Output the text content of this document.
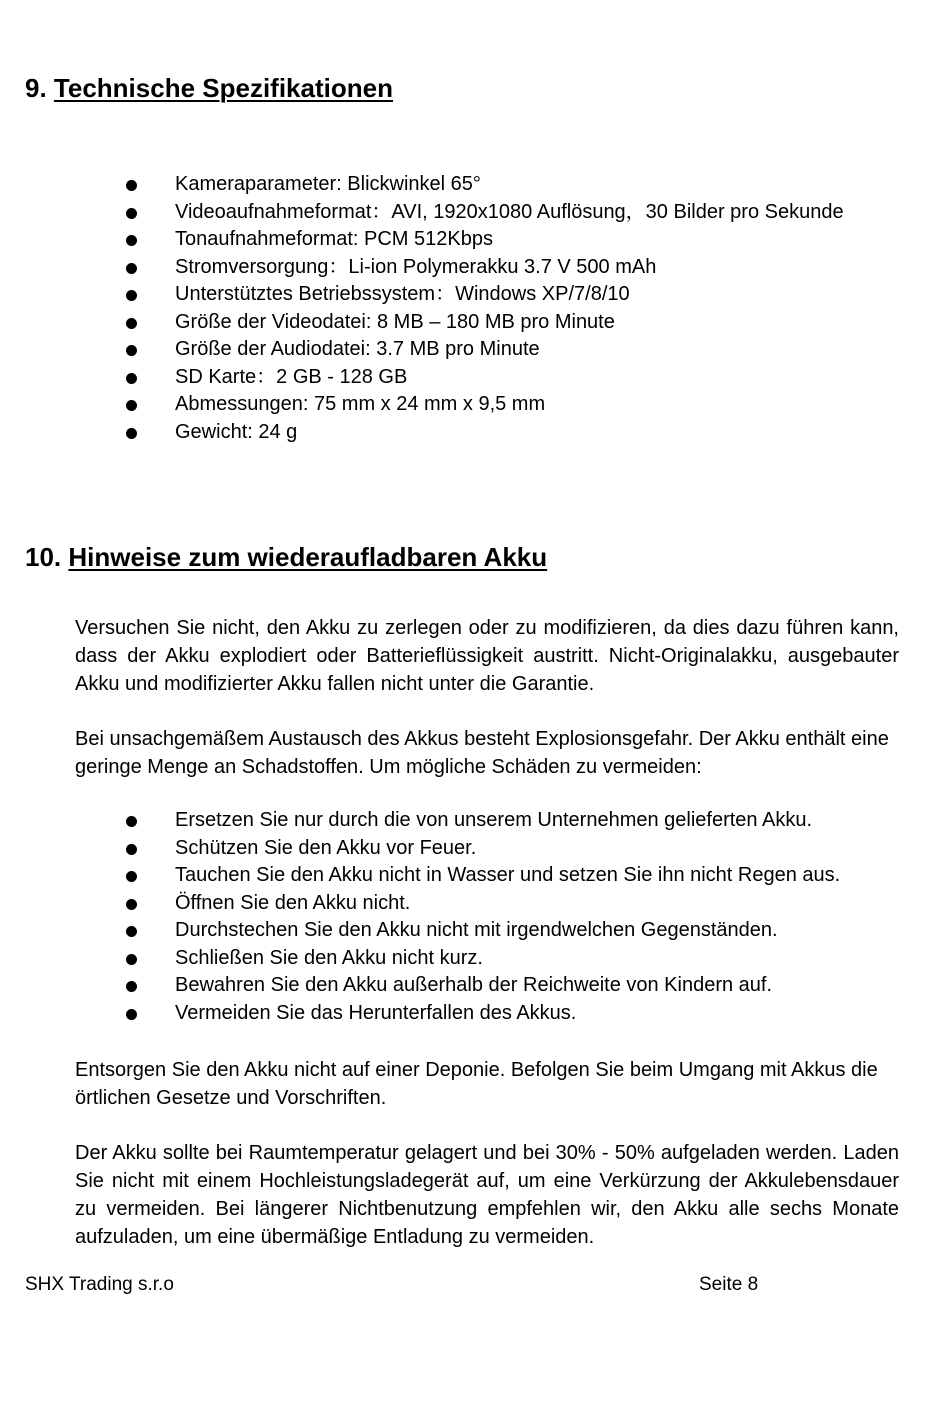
9. Technische Spezifikationen
Kameraparameter: Blickwinkel 65°
Videoaufnahmeformat：AVI, 1920x1080 Auflösung，30 Bilder pro Sekunde
Tonaufnahmeformat: PCM 512Kbps
Stromversorgung：Li-ion Polymerakku 3.7 V 500 mAh
Unterstütztes Betriebssystem：Windows XP/7/8/10
Größe der Videodatei: 8 MB – 180 MB pro Minute
Größe der Audiodatei: 3.7 MB pro Minute
SD Karte：2 GB - 128 GB
Abmessungen: 75 mm x 24 mm x 9,5 mm
Gewicht: 24 g
10. Hinweise zum wiederaufladbaren Akku

Versuchen Sie nicht, den Akku zu zerlegen oder zu modifizieren, da dies dazu führen kann, dass der Akku explodiert oder Batterieflüssigkeit austritt. Nicht-Originalakku, ausgebauter Akku und modifizierter Akku fallen nicht unter die Garantie.

Bei unsachgemäßem Austausch des Akkus besteht Explosionsgefahr. Der Akku enthält eine geringe Menge an Schadstoffen. Um mögliche Schäden zu vermeiden:

Ersetzen Sie nur durch die von unserem Unternehmen gelieferten Akku.
Schützen Sie den Akku vor Feuer.
Tauchen Sie den Akku nicht in Wasser und setzen Sie ihn nicht Regen aus.
Öffnen Sie den Akku nicht.
Durchstechen Sie den Akku nicht mit irgendwelchen Gegenständen.
Schließen Sie den Akku nicht kurz.
Bewahren Sie den Akku außerhalb der Reichweite von Kindern auf.
Vermeiden Sie das Herunterfallen des Akkus.

Entsorgen Sie den Akku nicht auf einer Deponie. Befolgen Sie beim Umgang mit Akkus die örtlichen Gesetze und Vorschriften.

Der Akku sollte bei Raumtemperatur gelagert und bei 30% - 50% aufgeladen werden. Laden Sie nicht mit einem Hochleistungsladegerät auf, um eine Verkürzung der Akkulebensdauer zu vermeiden. Bei längerer Nichtbenutzung empfehlen wir, den Akku alle sechs Monate aufzuladen, um eine übermäßige Entladung zu vermeiden.

SHX Trading s.r.o	Seite 8
